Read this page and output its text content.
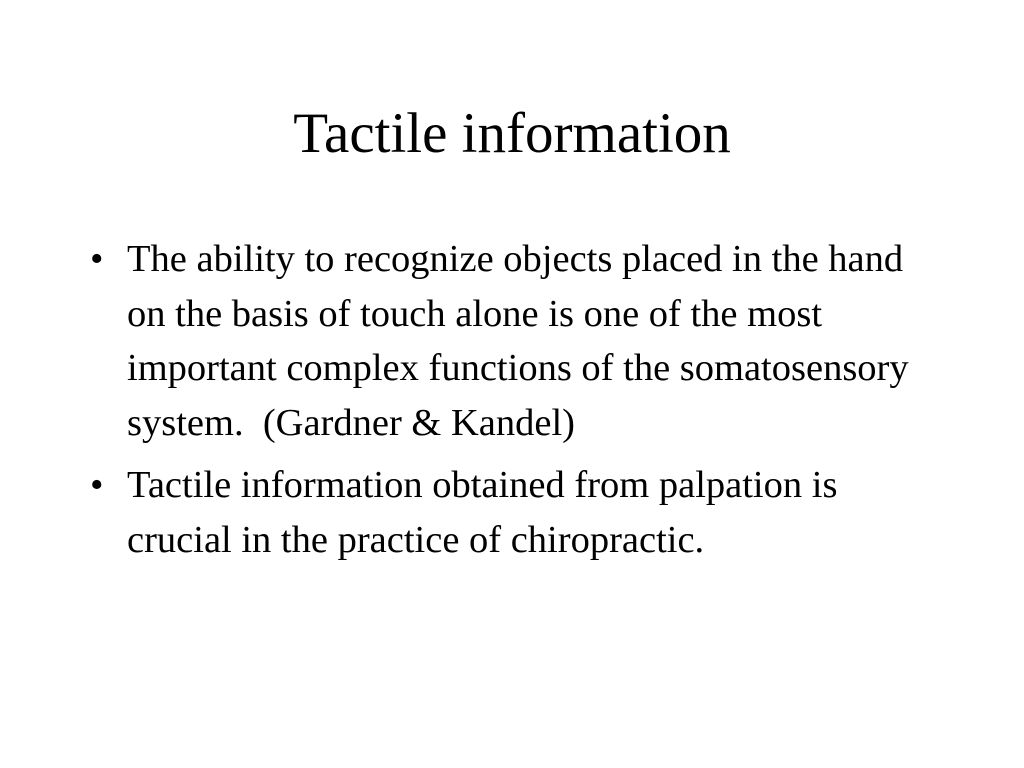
Tactile information
• The ability to recognize objects placed in the hand on the basis of touch alone is one of the most important complex functions of the somatosensory system.  (Gardner & Kandel)
• Tactile information obtained from palpation is crucial in the practice of chiropractic.
